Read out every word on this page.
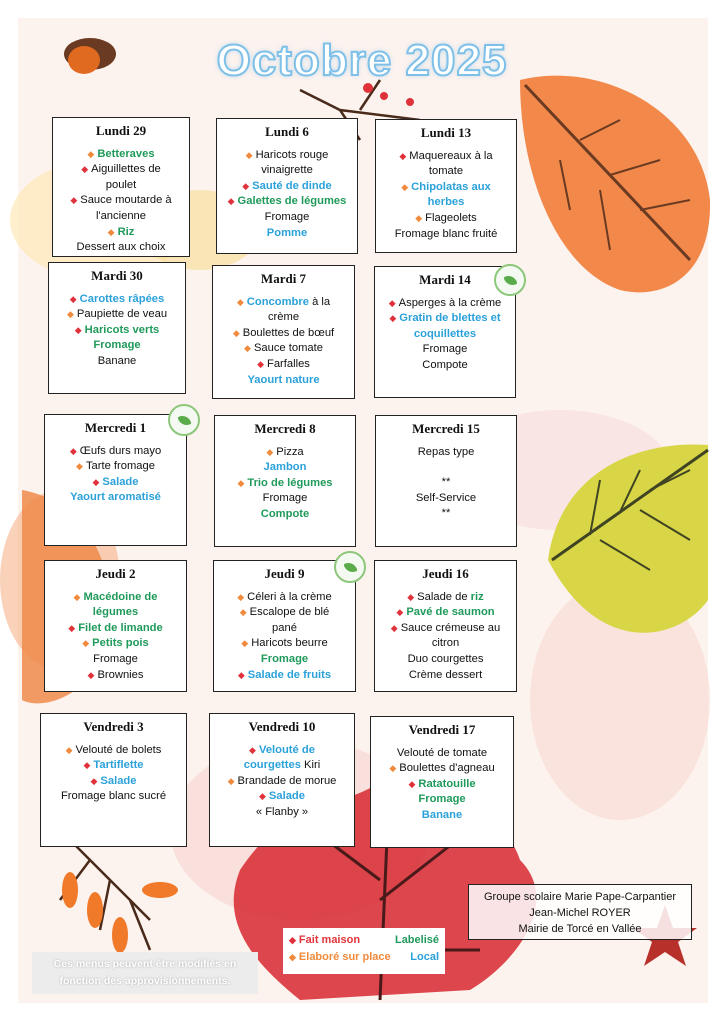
Octobre 2025
Lundi 29
◆ Betteraves
◆ Aiguillettes de
poulet
◆ Sauce moutarde à
l'ancienne
◆ Riz
Dessert aux choix
Lundi 6
◆ Haricots rouge
vinaigrette
◆ Sauté de dinde
◆ Galettes de légumes
Fromage
Pomme
Lundi 13
◆ Maquereaux à la
tomate
◆ Chipolatas aux
herbes
◆ Flageolets
Fromage blanc fruité
Mardi 30
◆ Carottes râpées
◆ Paupiette de veau
◆ Haricots verts
Fromage
Banane
Mardi 7
◆ Concombre à la
crème
◆ Boulettes de bœuf
◆ Sauce tomate
◆ Farfalles
Yaourt nature
Mardi 14
◆ Asperges à la crème
◆ Gratin de blettes et
coquillettes
Fromage
Compote
Mercredi 1
◆ Œufs durs mayo
◆ Tarte fromage
◆ Salade
Yaourt aromatisé
Mercredi 8
◆ Pizza
Jambon
◆ Trio de légumes
Fromage
Compote
Mercredi 15
Repas type
**
Self-Service
**
Jeudi 2
◆ Macédoine de
légumes
◆ Filet de limande
◆ Petits pois
Fromage
◆ Brownies
Jeudi 9
◆ Céleri à la crème
◆ Escalope de blé
pané
◆ Haricots beurre
Fromage
◆ Salade de fruits
Jeudi 16
◆ Salade de riz
◆ Pavé de saumon
◆ Sauce crémeuse au
citron
Duo courgettes
Crème dessert
Vendredi 3
◆ Velouté de bolets
◆ Tartiflette
◆ Salade
Fromage blanc sucré
Vendredi 10
◆ Velouté de
courgettes Kiri
◆ Brandade de morue
◆ Salade
« Flanby »
Vendredi 17
Velouté de tomate
◆ Boulettes d'agneau
◆ Ratatouille
Fromage
Banane
Groupe scolaire Marie Pape-Carpantier
Jean-Michel ROYER
Mairie de Torcé en Vallée
◆ Fait maison	Labelisé
◆ Elaboré sur place Local
Ces menus peuvent être modifiés en
fonction des approvisionnements.
